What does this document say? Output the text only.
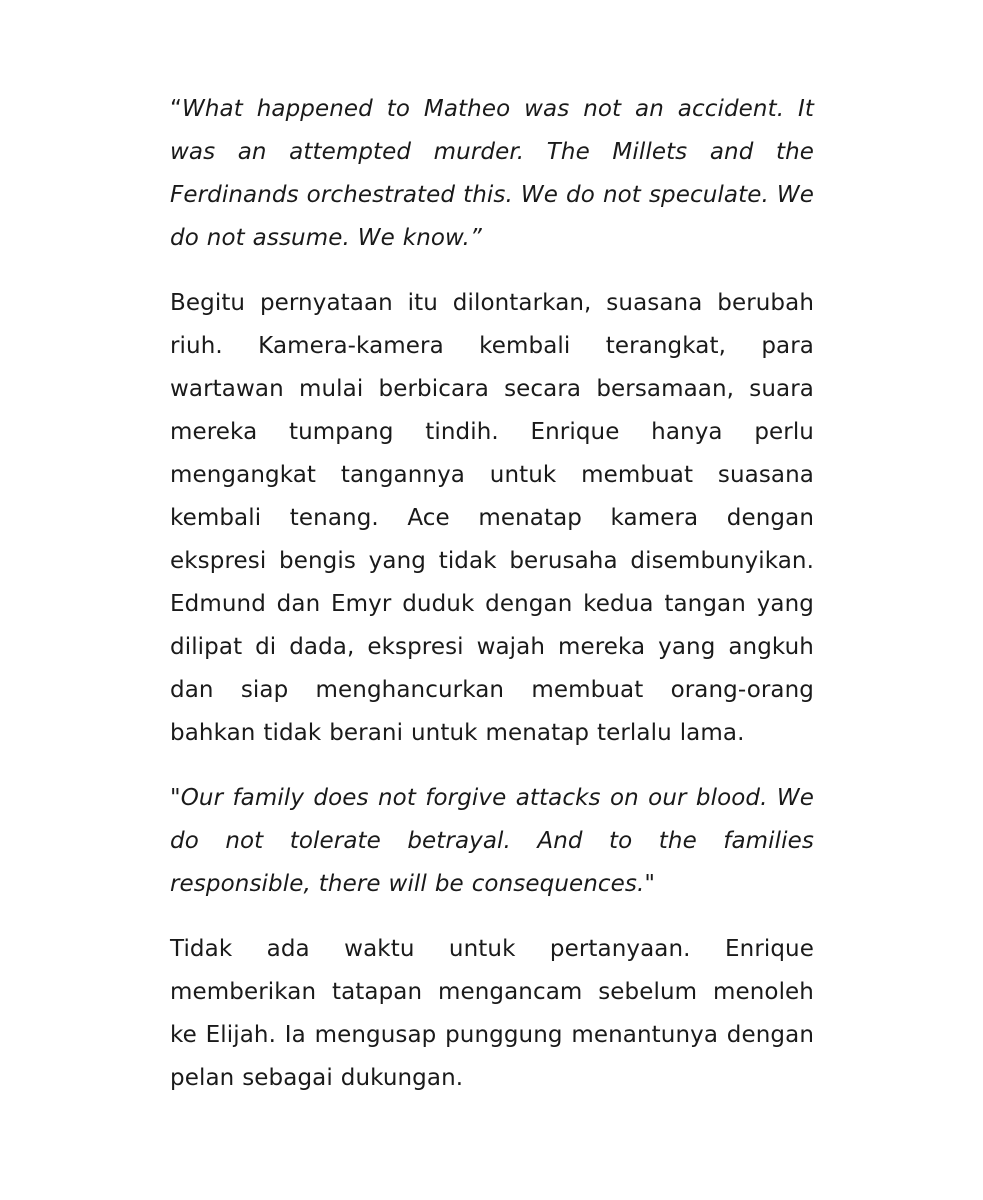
“What happened to Matheo was not an accident. It was an attempted murder. The Millets and the Ferdinands orchestrated this. We do not speculate. We do not assume. We know.”

Begitu pernyataan itu dilontarkan, suasana berubah riuh. Kamera-kamera kembali terangkat, para wartawan mulai berbicara secara bersamaan, suara mereka tumpang tindih. Enrique hanya perlu mengangkat tangannya untuk membuat suasana kembali tenang. Ace menatap kamera dengan ekspresi bengis yang tidak berusaha disembunyikan. Edmund dan Emyr duduk dengan kedua tangan yang dilipat di dada, ekspresi wajah mereka yang angkuh dan siap menghancurkan membuat orang-orang bahkan tidak berani untuk menatap terlalu lama.

"Our family does not forgive attacks on our blood. We do not tolerate betrayal. And to the families responsible, there will be consequences."

Tidak ada waktu untuk pertanyaan. Enrique memberikan tatapan mengancam sebelum menoleh ke Elijah. Ia mengusap punggung menantunya dengan pelan sebagai dukungan.
